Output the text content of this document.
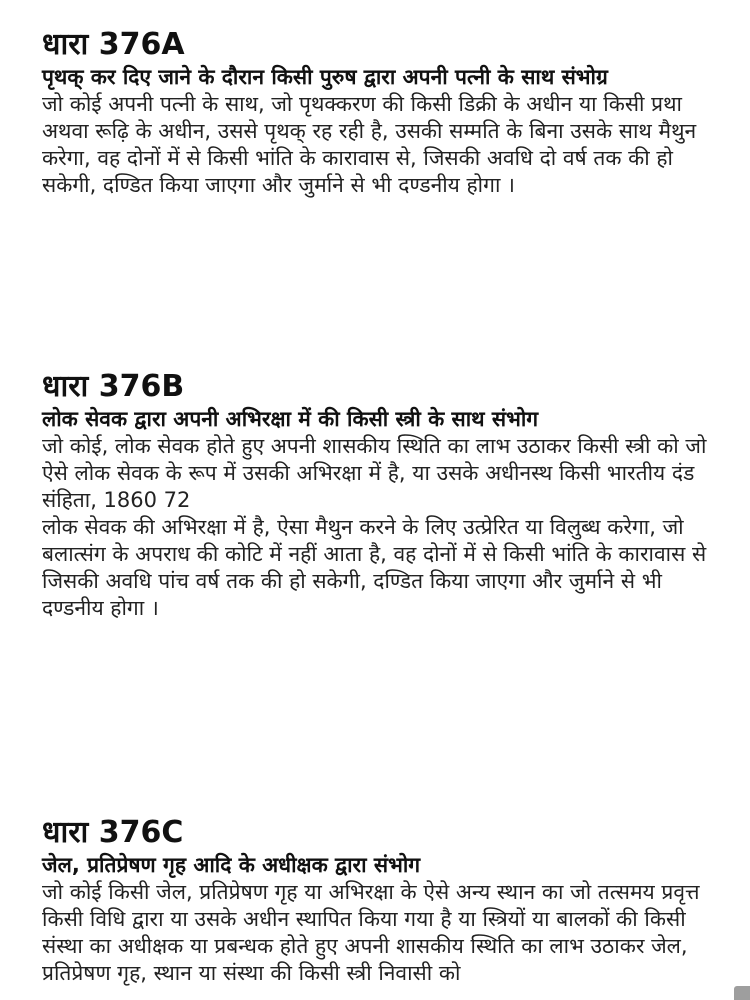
धारा 376A
पृथक् कर दिए जाने के दौरान किसी पुरुष द्वारा अपनी पत्नी के साथ संभोग्र

जो कोई अपनी पत्नी के साथ, जो पृथक्करण की किसी डिक्री के अधीन या किसी प्रथा अथवा रूढ़ि के अधीन, उससे पृथक् रह रही है, उसकी सम्मति के बिना उसके साथ मैथुन करेगा, वह दोनों में से किसी भांति के कारावास से, जिसकी अवधि दो वर्ष तक की हो सकेगी, दण्डित किया जाएगा और जुर्माने से भी दण्डनीय होगा ।

धारा 376B
लोक सेवक द्वारा अपनी अभिरक्षा में की किसी स्त्री के साथ संभोग

जो कोई, लोक सेवक होते हुए अपनी शासकीय स्थिति का लाभ उठाकर किसी स्त्री को जो ऐसे लोक सेवक के रूप में उसकी अभिरक्षा में है, या उसके अधीनस्थ किसी भारतीय दंड संहिता, 1860 72

लोक सेवक की अभिरक्षा में है, ऐसा मैथुन करने के लिए उत्प्रेरित या विलुब्ध करेगा, जो बलात्संग के अपराध की कोटि में नहीं आता है, वह दोनों में से किसी भांति के कारावास से जिसकी अवधि पांच वर्ष तक की हो सकेगी, दण्डित किया जाएगा और जुर्माने से भी दण्डनीय होगा ।

धारा 376C
जेल, प्रतिप्रेषण गृह आदि के अधीक्षक द्वारा संभोग

जो कोई किसी जेल, प्रतिप्रेषण गृह या अभिरक्षा के ऐसे अन्य स्थान का जो तत्समय प्रवृत्त किसी विधि द्वारा या उसके अधीन स्थापित किया गया है या स्त्रियों या बालकों की किसी संस्था का अधीक्षक या प्रबन्धक होते हुए अपनी शासकीय स्थिति का लाभ उठाकर जेल, प्रतिप्रेषण गृह, स्थान या संस्था की किसी स्त्री निवासी को
